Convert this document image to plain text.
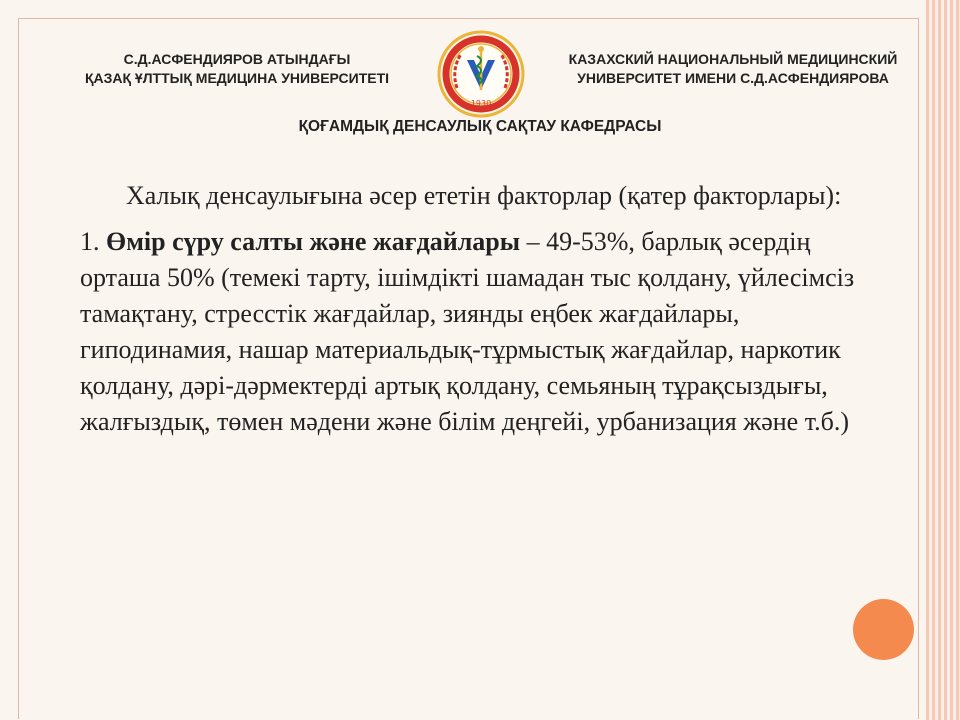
С.Д.АСФЕНДИЯРОВ АТЫНДАҒЫ
ҚАЗАҚ ҰЛТТЫҚ МЕДИЦИНА УНИВЕРСИТЕТІ
1930
КАЗАХСКИЙ НАЦИОНАЛЬНЫЙ МЕДИЦИНСКИЙ
УНИВЕРСИТЕТ ИМЕНИ С.Д.АСФЕНДИЯРОВА
ҚОҒАМДЫҚ ДЕНСАУЛЫҚ САҚТАУ КАФЕДРАСЫ

Халық денсаулығына әсер ететін факторлар (қатер факторлары):

1. Өмір сүру салты және жағдайлары – 49-53%, барлық әсердің орташа 50% (темекі тарту, ішімдікті шамадан тыс қолдану, үйлесімсіз тамақтану, стресстік жағдайлар, зиянды еңбек жағдайлары, гиподинамия, нашар материальдық-тұрмыстық жағдайлар, наркотик қолдану, дәрі-дәрмектерді артық қолдану, семьяның тұрақсыздығы, жалғыздық, төмен мәдени және білім деңгейі, урбанизация және т.б.)
